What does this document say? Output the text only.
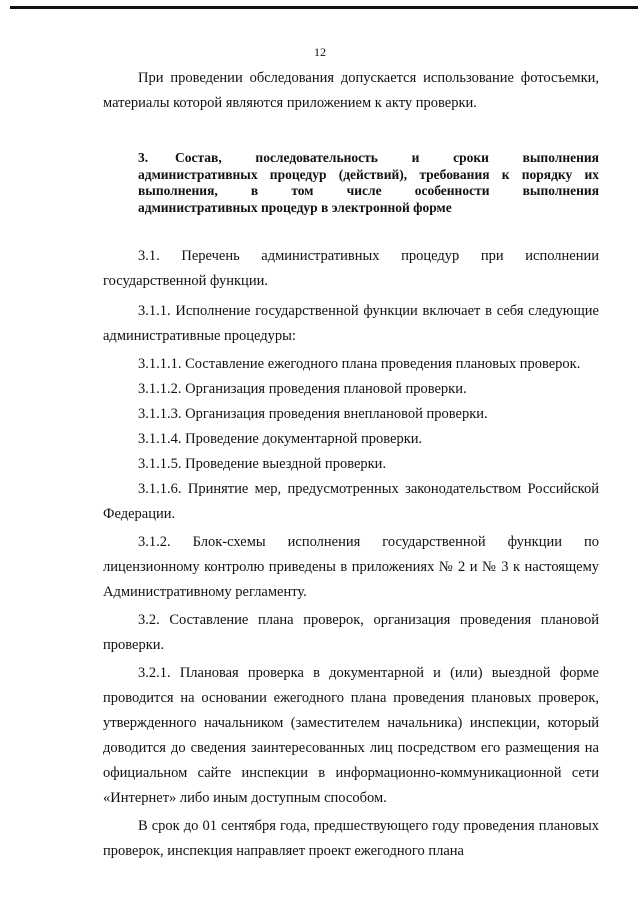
12

При проведении обследования допускается использование фотосъемки, материалы которой являются приложением к акту проверки.

3. Состав, последовательность и сроки выполнения
административных процедур (действий), требования к порядку их
выполнения, в том числе особенности выполнения
административных процедур в электронной форме

3.1. Перечень административных процедур при исполнении государственной функции.

3.1.1. Исполнение государственной функции включает в себя следующие административные процедуры:

3.1.1.1. Составление ежегодного плана проведения плановых проверок.

3.1.1.2. Организация проведения плановой проверки.

3.1.1.3. Организация проведения внеплановой проверки.

3.1.1.4. Проведение документарной проверки.

3.1.1.5. Проведение выездной проверки.

3.1.1.6. Принятие мер, предусмотренных законодательством Российской Федерации.

3.1.2. Блок-схемы исполнения государственной функции по лицензионному контролю приведены в приложениях № 2 и № 3 к настоящему Административному регламенту.

3.2. Составление плана проверок, организация проведения плановой проверки.

3.2.1. Плановая проверка в документарной и (или) выездной форме проводится на основании ежегодного плана проведения плановых проверок, утвержденного начальником (заместителем начальника) инспекции, который доводится до сведения заинтересованных лиц посредством его размещения на официальном сайте инспекции в информационно-коммуникационной сети «Интернет» либо иным доступным способом.

В срок до 01 сентября года, предшествующего году проведения плановых проверок, инспекция направляет проект ежегодного плана
